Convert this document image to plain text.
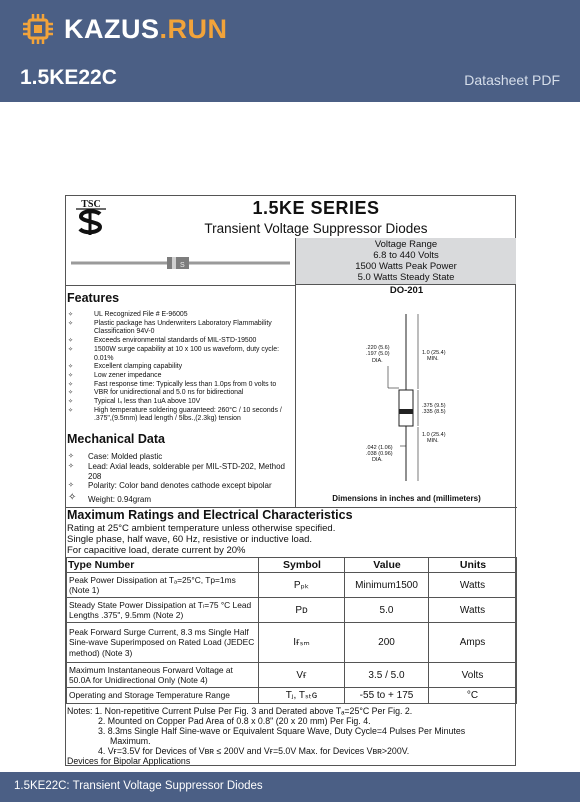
KAZUS.RUN
1.5KE22C	Datasheet PDF
TSC	1.5KE SERIES
Transient Voltage Suppressor Diodes
S
Voltage Range
6.8 to 440 Volts
1500 Watts Peak Power
5.0 Watts Steady State
Features
✧ UL Recognized File # E-96005
✧ Plastic package has Underwriters Laboratory Flammability Classification 94V-0
✧ Exceeds environmental standards of MIL-STD-19500
✧ 1500W surge capability at 10 x 100 us waveform, duty cycle: 0.01%
✧ Excellent clamping capability
✧ Low zener impedance
✧ Fast response time: Typically less than 1.0ps from 0 volts to
✧ VBR for unidirectional and 5.0 ns for bidirectional
✧ Typical I₄ less than 1uA above 10V
✧ High temperature soldering guaranteed: 260°C / 10 seconds / .375",(9.5mm) lead length / 5lbs.,(2.3kg) tension
Mechanical Data
✧ Case: Molded plastic
✧ Lead: Axial leads, solderable per MIL-STD-202, Method 208
✧ Polarity: Color band denotes cathode except bipolar
✧ Weight: 0.94gram
DO-201
.220 (5.6)
.197 (5.0)
DIA.
1.0 (25.4)
MIN.
.375 (9.5)
.335 (8.5)
.042 (1.06)
.038 (0.96)
DIA.
1.0 (25.4)
MIN.
Dimensions in inches and (millimeters)
Maximum Ratings and Electrical Characteristics
Rating at 25°C ambient temperature unless otherwise specified.
Single phase, half wave, 60 Hz, resistive or inductive load.
For capacitive load, derate current by 20%
Type Number	Symbol	Value	Units
Peak Power Dissipation at Tₐ=25°C, Tp=1ms (Note 1)	Pₚₖ	Minimum1500	Watts
Steady State Power Dissipation at Tₗ=75 °C Lead Lengths .375", 9.5mm (Note 2)	Pᴅ	5.0	Watts
Peak Forward Surge Current, 8.3 ms Single Half Sine-wave Superimposed on Rated Load (JEDEC method) (Note 3)	Iғₛₘ	200	Amps
Maximum Instantaneous Forward Voltage at 50.0A for Unidirectional Only (Note 4)	Vғ	3.5 / 5.0	Volts
Operating and Storage Temperature Range	Tⱼ, Tₛₜɢ	-55 to + 175	°C
Notes: 1. Non-repetitive Current Pulse Per Fig. 3 and Derated above Tₐ=25°C Per Fig. 2.
2. Mounted on Copper Pad Area of 0.8 x 0.8" (20 x 20 mm) Per Fig. 4.
3. 8.3ms Single Half Sine-wave or Equivalent Square Wave, Duty Cycle=4 Pulses Per Minutes
Maximum.
4. Vғ=3.5V for Devices of Vʙʀ ≤ 200V and Vғ=5.0V Max. for Devices Vʙʀ>200V.
Devices for Bipolar Applications
1.5KE22C: Transient Voltage Suppressor Diodes
